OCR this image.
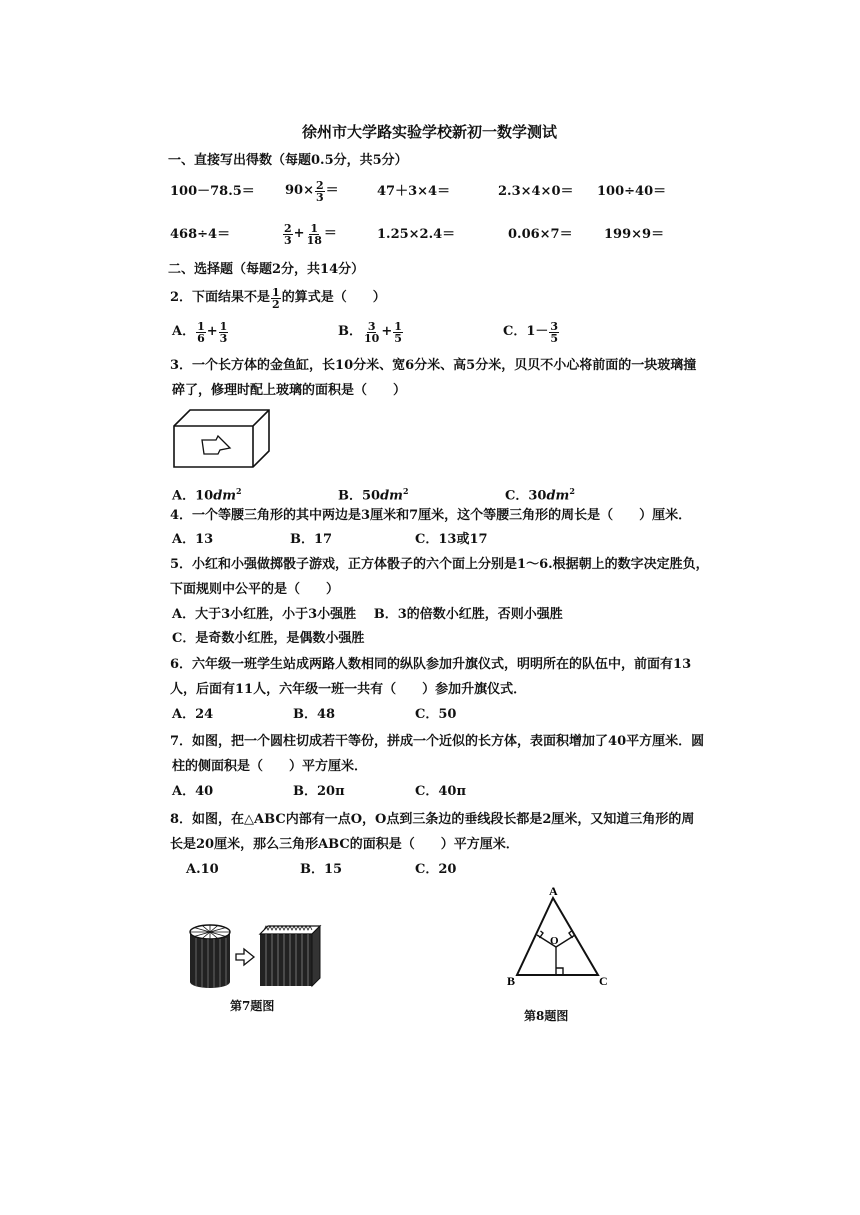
徐州市大学路实验学校新初一数学测试
一、直接写出得数（每题0.5分，共5分）
$100-78.5= 90\times \frac{2}{3}$ ＝	47＋3×4＝	2.3×4×0＝ 100÷40＝
468÷4＝	$\frac{2}{3} + \frac{1}{18}$ ＝	1.25×2.4＝	0.06×7＝ 199×9＝
二、选择题（每题2分，共14分）
2．下面结果不是 $\frac{1}{2}$ 的算式是（　　）
A． $\frac{1}{6} + \frac{1}{3}$	B． $\frac{3}{10} + \frac{1}{5}$	C．$1- \frac{3}{5}$
3．一个长方体的金鱼缸，长10分米、宽6分米、高5分米，贝贝不小心将前面的一块玻璃撞
碎了，修理时配上玻璃的面积是（　　）
A．$10dm^2$	B．$50dm^2$	C．$30dm^2$
4．一个等腰三角形的其中两边是3厘米和7厘米，这个等腰三角形的周长是（　　）厘米．
A．13	B．17	C．13或17
5．小红和小强做掷骰子游戏，正方体骰子的六个面上分别是1～6.根据朝上的数字决定胜负，
下面规则中公平的是（　　）
A．大于3小红胜，小于3小强胜　 B．3的倍数小红胜，否则小强胜
C．是奇数小红胜，是偶数小强胜
6．六年级一班学生站成两路人数相同的纵队参加升旗仪式，明明所在的队伍中，前面有13
人，后面有11人，六年级一班一共有（　　）参加升旗仪式．
A．24	B．48	C．50
7．如图，把一个圆柱切成若干等份，拼成一个近似的长方体，表面积增加了40平方厘米．圆
柱的侧面积是（　　）平方厘米．
A．40	B．20π	C．40π
8．如图，在△ABC内部有一点O，O点到三条边的垂线段长都是2厘米，又知道三角形的周
长是20厘米，那么三角形ABC的面积是（　　）平方厘米．
A.10	B．15	C．20
第7题图
A
O
B	C
第8题图
